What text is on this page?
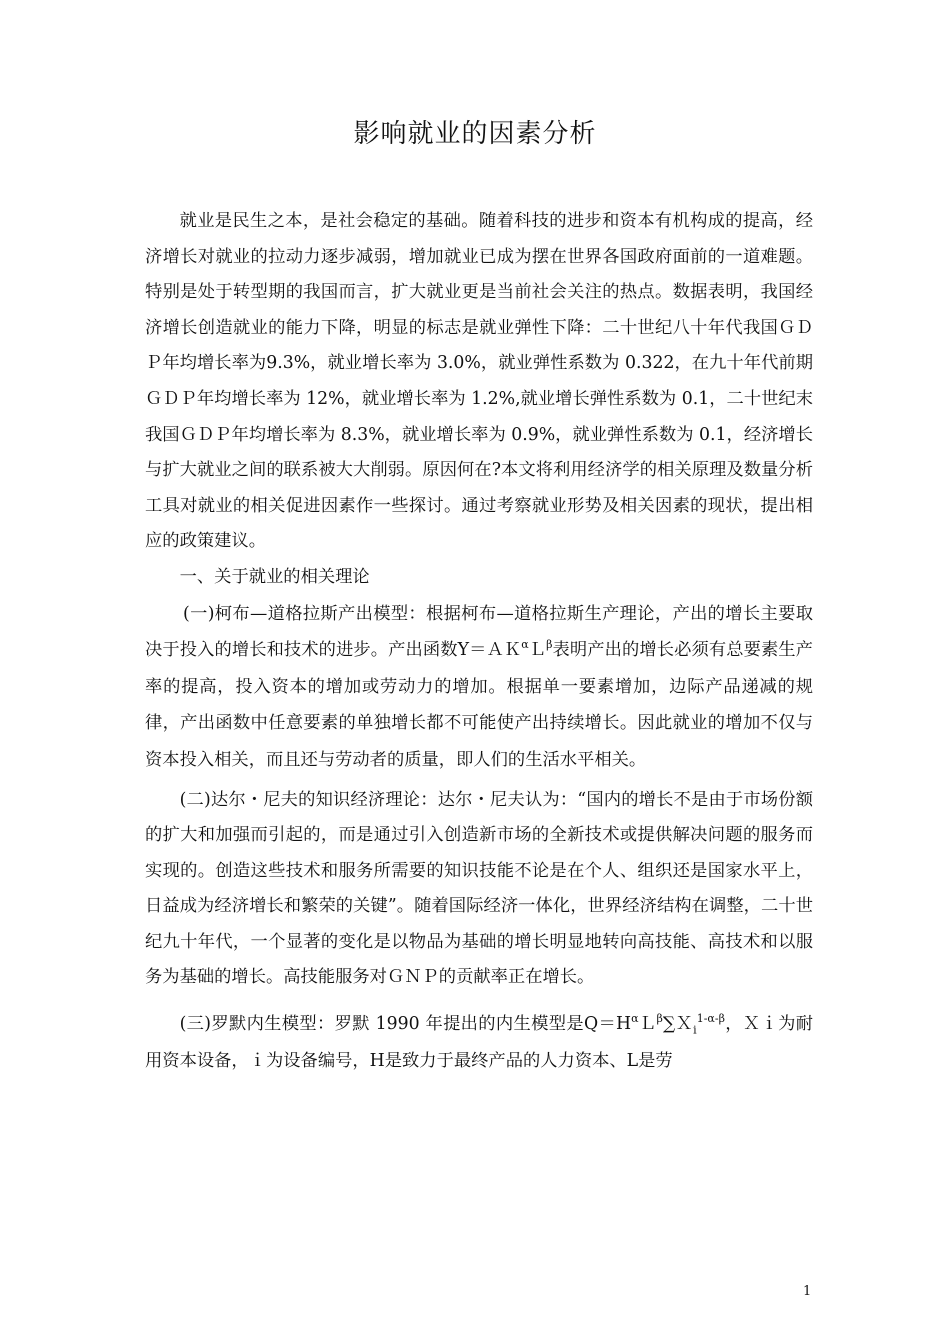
影响就业的因素分析

就业是民生之本，是社会稳定的基础。随着科技的进步和资本有机构成的提高，经济增长对就业的拉动力逐步减弱，增加就业已成为摆在世界各国政府面前的一道难题。特别是处于转型期的我国而言，扩大就业更是当前社会关注的热点。数据表明，我国经济增长创造就业的能力下降，明显的标志是就业弹性下降：二十世纪八十年代我国ＧＤＰ年均增长率为9.3%，就业增长率为 3.0%，就业弹性系数为 0.322，在九十年代前期ＧＤＰ年均增长率为 12%，就业增长率为 1.2%,就业增长弹性系数为 0.1，二十世纪末我国ＧＤＰ年均增长率为 8.3%，就业增长率为 0.9%，就业弹性系数为 0.1，经济增长与扩大就业之间的联系被大大削弱。原因何在?本文将利用经济学的相关原理及数量分析工具对就业的相关促进因素作一些探讨。通过考察就业形势及相关因素的现状，提出相应的政策建议。

一、关于就业的相关理论

(一)柯布—道格拉斯产出模型：根据柯布—道格拉斯生产理论，产出的增长主要取决于投入的增长和技术的进步。产出函数Y＝ＡＫ$^\alpha$Ｌ$^\beta$表明产出的增长必须有总要素生产率的提高，投入资本的增加或劳动力的增加。根据单一要素增加，边际产品递减的规律，产出函数中任意要素的单独增长都不可能使产出持续增长。因此就业的增加不仅与资本投入相关，而且还与劳动者的质量，即人们的生活水平相关。

(二)达尔・尼夫的知识经济理论：达尔・尼夫认为：“国内的增长不是由于市场份额的扩大和加强而引起的，而是通过引入创造新市场的全新技术或提供解决问题的服务而实现的。创造这些技术和服务所需要的知识技能不论是在个人、组织还是国家水平上，日益成为经济增长和繁荣的关键”。随着国际经济一体化，世界经济结构在调整，二十世纪九十年代，一个显著的变化是以物品为基础的增长明显地转向高技能、高技术和以服务为基础的增长。高技能服务对ＧＮＰ的贡献率正在增长。

(三)罗默内生模型：罗默 1990 年提出的内生模型是$Q=H^\alpha L^\beta\sum X_i^{1-\alpha-\beta}$，Ｘｉ为耐用资本设备，ｉ为设备编号，H是致力于最终产品的人力资本、L是劳

1
